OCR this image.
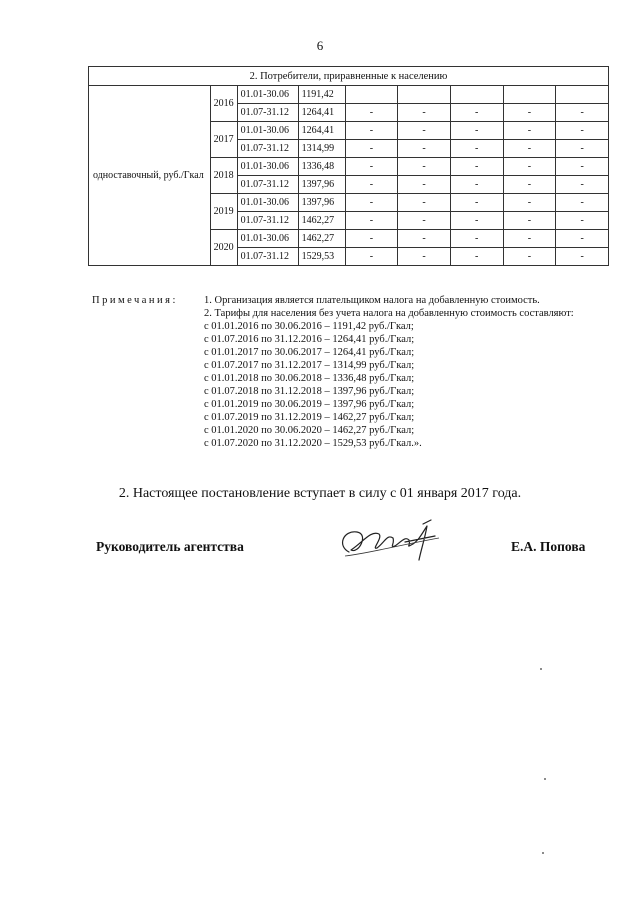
6
2. Потребители, приравненные к населению								
одноставочный, руб./Гкал	2016	01.01-30.06	1191,42					
		01.07-31.12	1264,41	-	-	-	-	-
	2017	01.01-30.06	1264,41	-	-	-	-	-
		01.07-31.12	1314,99	-	-	-	-	-
	2018	01.01-30.06	1336,48	-	-	-	-	-
		01.07-31.12	1397,96	-	-	-	-	-
	2019	01.01-30.06	1397,96	-	-	-	-	-
		01.07-31.12	1462,27	-	-	-	-	-
	2020	01.01-30.06	1462,27	-	-	-	-	-
		01.07-31.12	1529,53	-	-	-	-	-
Примечания: 1. Организация является плательщиком налога на добавленную стоимость.
2. Тарифы для населения без учета налога на добавленную стоимость составляют:
с 01.01.2016 по 30.06.2016 – 1191,42 руб./Гкал;
с 01.07.2016 по 31.12.2016 – 1264,41 руб./Гкал;
с 01.01.2017 по 30.06.2017 – 1264,41 руб./Гкал;
с 01.07.2017 по 31.12.2017 – 1314,99 руб./Гкал;
с 01.01.2018 по 30.06.2018 – 1336,48 руб./Гкал;
с 01.07.2018 по 31.12.2018 – 1397,96 руб./Гкал;
с 01.01.2019 по 30.06.2019 – 1397,96 руб./Гкал;
с 01.07.2019 по 31.12.2019 – 1462,27 руб./Гкал;
с 01.01.2020 по 30.06.2020 – 1462,27 руб./Гкал;
с 01.07.2020 по 31.12.2020 – 1529,53 руб./Гкал.».
2. Настоящее постановление вступает в силу с 01 января 2017 года.
Руководитель агентства	Е.А. Попова
